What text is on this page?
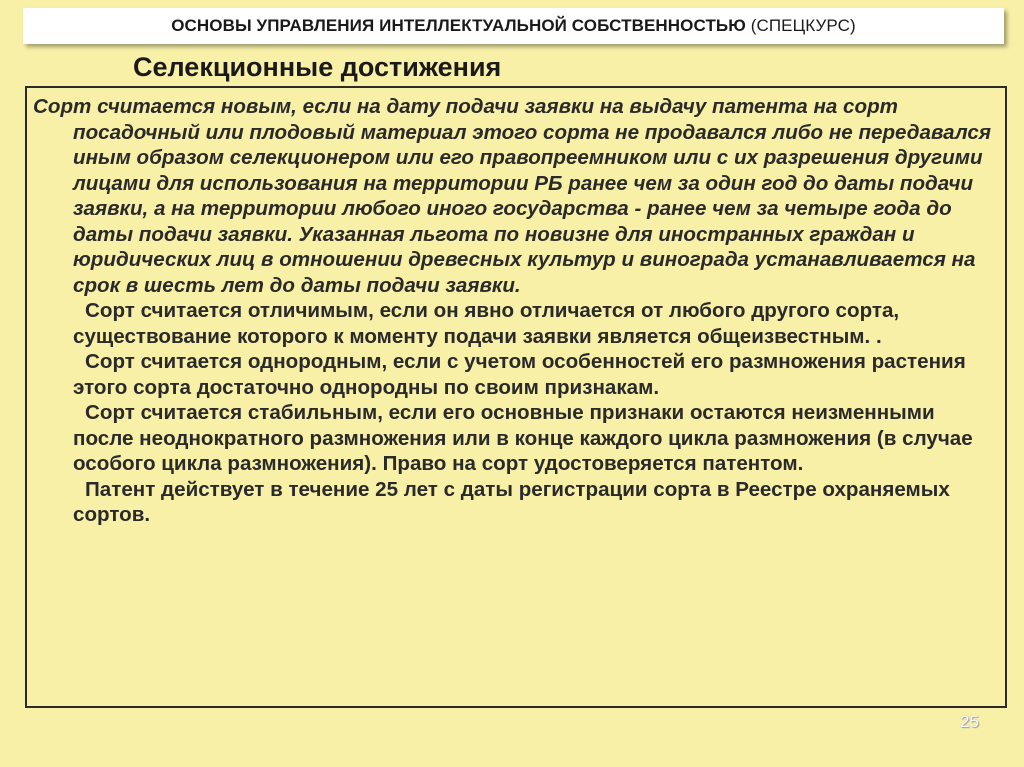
ОСНОВЫ УПРАВЛЕНИЯ ИНТЕЛЛЕКТУАЛЬНОЙ СОБСТВЕННОСТЬЮ (СПЕЦКУРС)
Селекционные достижения

Сорт считается новым, если на дату подачи заявки на выдачу патента на сорт посадочный или плодовый материал этого сорта не продавался либо не передавался иным образом селекционером или его правопреемником или с их разрешения другими лицами для использования на территории РБ ранее чем за один год до даты подачи заявки, а на территории любого иного государства - ранее чем за четыре года до даты подачи заявки. Указанная льгота по новизне для иностранных граждан и юридических лиц в отношении древесных культур и винограда устанавливается на срок в шесть лет до даты подачи заявки.

Сорт считается отличимым, если он явно отличается от любого другого сорта, существование которого к моменту подачи заявки является общеизвестным. .

Сорт считается однородным, если с учетом особенностей его размножения растения этого сорта достаточно однородны по своим признакам.

Сорт считается стабильным, если его основные признаки остаются неизменными после неоднократного размножения или в конце каждого цикла размножения (в случае особого цикла размножения). Право на сорт удостоверяется патентом.

Патент действует в течение 25 лет с даты регистрации сорта в Реестре охраняемых сортов.

25
